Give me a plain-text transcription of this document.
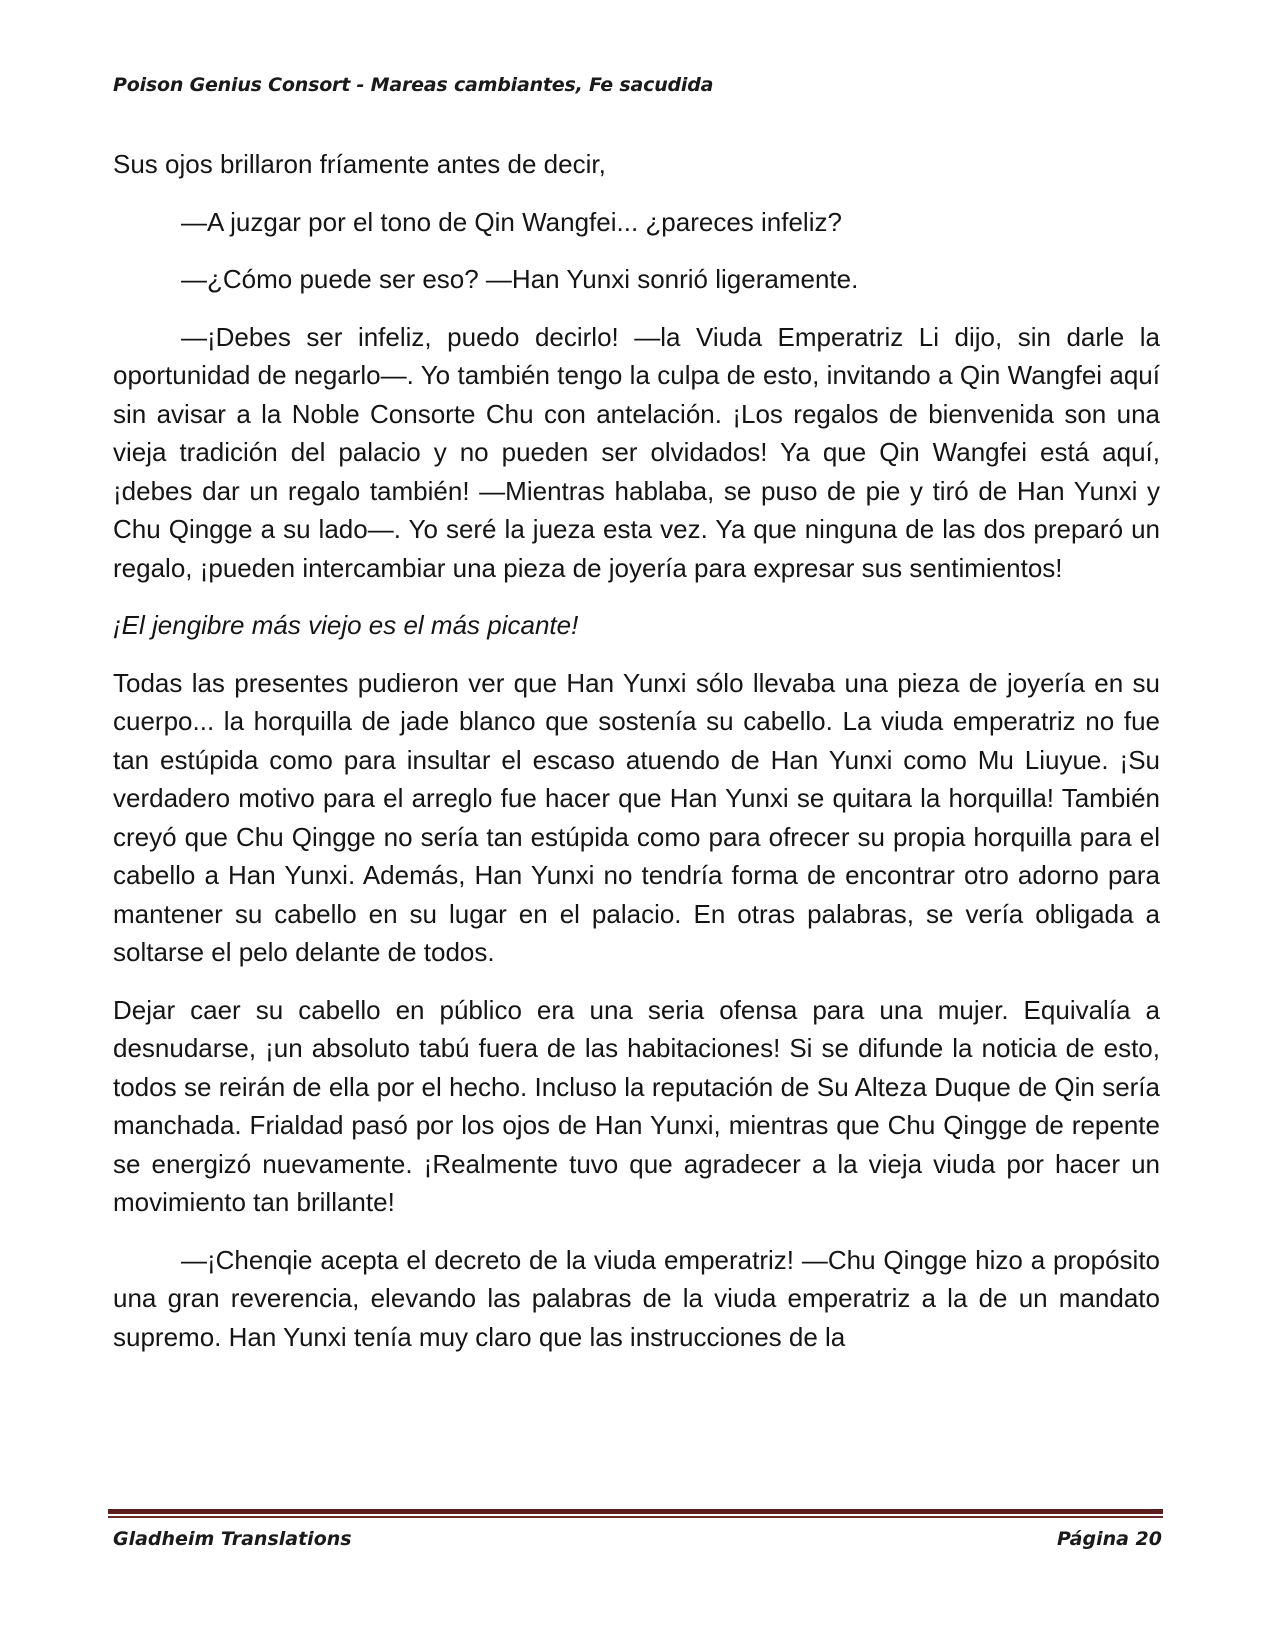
Poison Genius Consort - Mareas cambiantes, Fe sacudida

Sus ojos brillaron fríamente antes de decir,

—A juzgar por el tono de Qin Wangfei... ¿pareces infeliz?

—¿Cómo puede ser eso? —Han Yunxi sonrió ligeramente.

—¡Debes ser infeliz, puedo decirlo! —la Viuda Emperatriz Li dijo, sin darle la oportunidad de negarlo—. Yo también tengo la culpa de esto, invitando a Qin Wangfei aquí sin avisar a la Noble Consorte Chu con antelación. ¡Los regalos de bienvenida son una vieja tradición del palacio y no pueden ser olvidados! Ya que Qin Wangfei está aquí, ¡debes dar un regalo también! —Mientras hablaba, se puso de pie y tiró de Han Yunxi y Chu Qingge a su lado—. Yo seré la jueza esta vez. Ya que ninguna de las dos preparó un regalo, ¡pueden intercambiar una pieza de joyería para expresar sus sentimientos!

¡El jengibre más viejo es el más picante!

Todas las presentes pudieron ver que Han Yunxi sólo llevaba una pieza de joyería en su cuerpo... la horquilla de jade blanco que sostenía su cabello. La viuda emperatriz no fue tan estúpida como para insultar el escaso atuendo de Han Yunxi como Mu Liuyue. ¡Su verdadero motivo para el arreglo fue hacer que Han Yunxi se quitara la horquilla! También creyó que Chu Qingge no sería tan estúpida como para ofrecer su propia horquilla para el cabello a Han Yunxi. Además, Han Yunxi no tendría forma de encontrar otro adorno para mantener su cabello en su lugar en el palacio. En otras palabras, se vería obligada a soltarse el pelo delante de todos.

Dejar caer su cabello en público era una seria ofensa para una mujer. Equivalía a desnudarse, ¡un absoluto tabú fuera de las habitaciones! Si se difunde la noticia de esto, todos se reirán de ella por el hecho. Incluso la reputación de Su Alteza Duque de Qin sería manchada. Frialdad pasó por los ojos de Han Yunxi, mientras que Chu Qingge de repente se energizó nuevamente. ¡Realmente tuvo que agradecer a la vieja viuda por hacer un movimiento tan brillante!

—¡Chenqie acepta el decreto de la viuda emperatriz! —Chu Qingge hizo a propósito una gran reverencia, elevando las palabras de la viuda emperatriz a la de un mandato supremo. Han Yunxi tenía muy claro que las instrucciones de la

Gladheim Translations	Página 20
